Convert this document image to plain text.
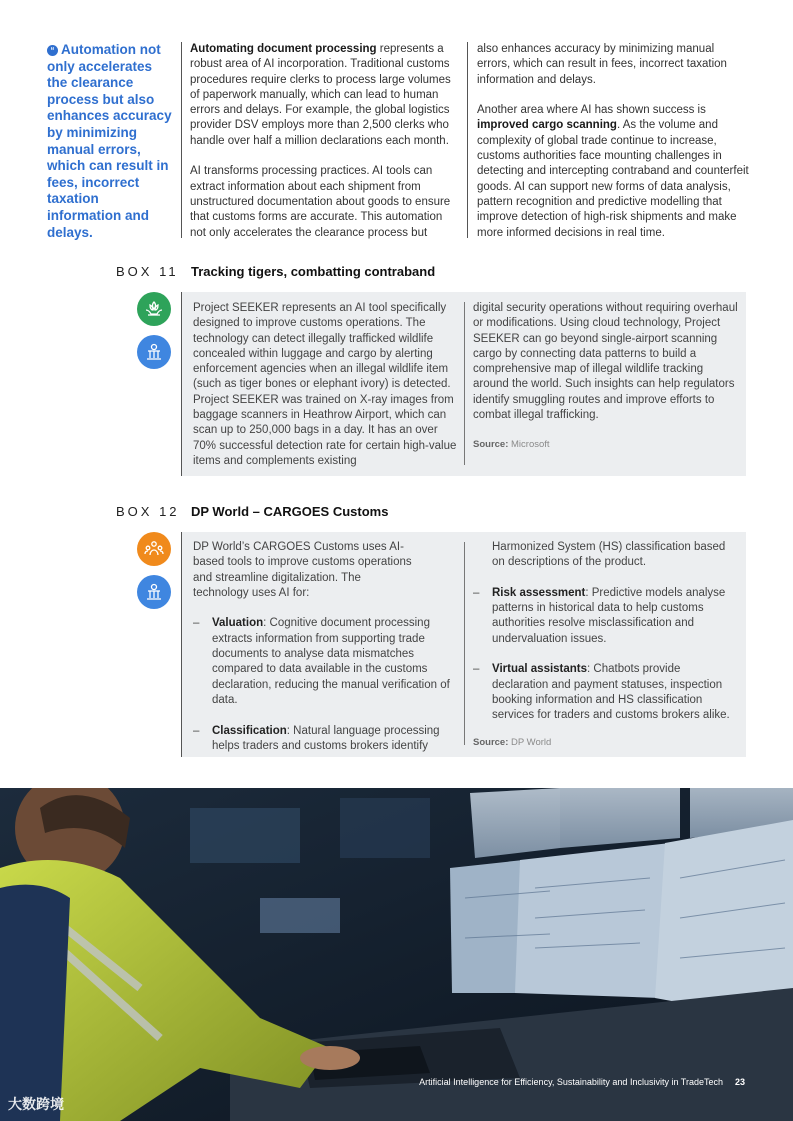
“ Automation not only accelerates the clearance process but also enhances accuracy by minimizing manual errors, which can result in fees, incorrect taxation information and delays.

Automating document processing represents a robust area of AI incorporation. Traditional customs procedures require clerks to process large volumes of paperwork manually, which can lead to human errors and delays. For example, the global logistics provider DSV employs more than 2,500 clerks who handle over half a million declarations each month.

AI transforms processing practices. AI tools can extract information about each shipment from unstructured documentation about goods to ensure that customs forms are accurate. This automation not only accelerates the clearance process but

also enhances accuracy by minimizing manual errors, which can result in fees, incorrect taxation information and delays.

Another area where AI has shown success is improved cargo scanning. As the volume and complexity of global trade continue to increase, customs authorities face mounting challenges in detecting and intercepting contraband and counterfeit goods. AI can support new forms of data analysis, pattern recognition and predictive modelling that improve detection of high-risk shipments and make more informed decisions in real time.

BOX 11 Tracking tigers, combatting contraband
Project SEEKER represents an AI tool specifically designed to improve customs operations. The technology can detect illegally trafficked wildlife concealed within luggage and cargo by alerting enforcement agencies when an illegal wildlife item (such as tiger bones or elephant ivory) is detected. Project SEEKER was trained on X-ray images from baggage scanners in Heathrow Airport, which can scan up to 250,000 bags in a day. It has an over 70% successful detection rate for certain high-value items and complements existing
digital security operations without requiring overhaul or modifications. Using cloud technology, Project SEEKER can go beyond single-airport scanning cargo by connecting data patterns to build a comprehensive map of illegal wildlife tracking around the world. Such insights can help regulators identify smuggling routes and improve efforts to combat illegal trafficking.
Source: Microsoft
BOX 12 DP World – CARGOES Customs
DP World’s CARGOES Customs uses AI-based tools to improve customs operations and streamline digitalization. The technology uses AI for:
– Valuation: Cognitive document processing extracts information from supporting trade documents to analyse data mismatches compared to data available in the customs declaration, reducing the manual verification of data.
– Classification: Natural language processing helps traders and customs brokers identify
Harmonized System (HS) classification based on descriptions of the product.
– Risk assessment: Predictive models analyse patterns in historical data to help customs authorities resolve misclassification and undervaluation issues.
– Virtual assistants: Chatbots provide declaration and payment statuses, inspection booking information and HS classification services for traders and customs brokers alike.
Source: DP World
Artificial Intelligence for Efficiency, Sustainability and Inclusivity in TradeTech 23
大数跨境
